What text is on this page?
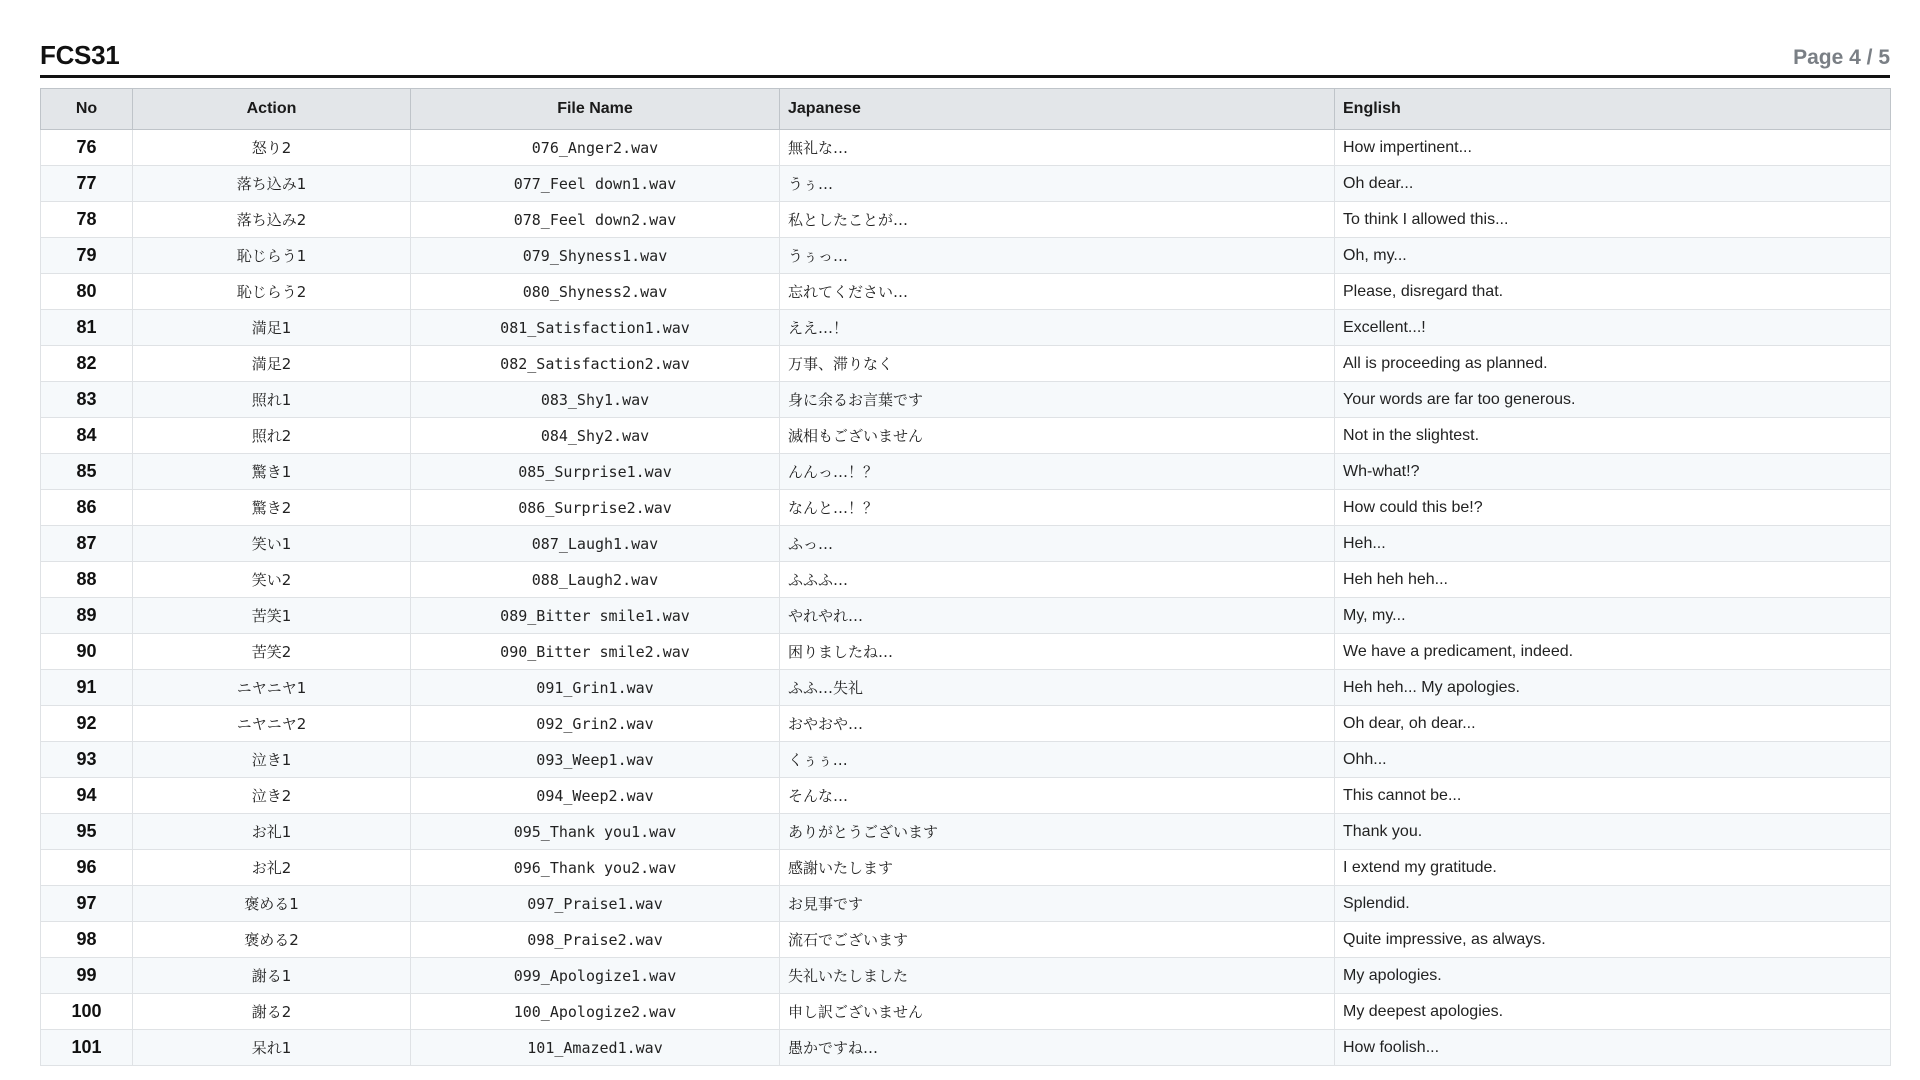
FCS31	Page 4 / 5
No	Action	File Name	Japanese	English
76	怒り2	076_Anger2.wav	無礼な…	How impertinent...
77	落ち込み1	077_Feel down1.wav	うぅ…	Oh dear...
78	落ち込み2	078_Feel down2.wav	私としたことが…	To think I allowed this...
79	恥じらう1	079_Shyness1.wav	うぅっ…	Oh, my...
80	恥じらう2	080_Shyness2.wav	忘れてください…	Please, disregard that.
81	満足1	081_Satisfaction1.wav	ええ…！	Excellent...!
82	満足2	082_Satisfaction2.wav	万事、滞りなく	All is proceeding as planned.
83	照れ1	083_Shy1.wav	身に余るお言葉です	Your words are far too generous.
84	照れ2	084_Shy2.wav	滅相もございません	Not in the slightest.
85	驚き1	085_Surprise1.wav	んんっ…！？	Wh-what!?
86	驚き2	086_Surprise2.wav	なんと…！？	How could this be!?
87	笑い1	087_Laugh1.wav	ふっ…	Heh...
88	笑い2	088_Laugh2.wav	ふふふ…	Heh heh heh...
89	苦笑1	089_Bitter smile1.wav	やれやれ…	My, my...
90	苦笑2	090_Bitter smile2.wav	困りましたね…	We have a predicament, indeed.
91	ニヤニヤ1	091_Grin1.wav	ふふ…失礼	Heh heh... My apologies.
92	ニヤニヤ2	092_Grin2.wav	おやおや…	Oh dear, oh dear...
93	泣き1	093_Weep1.wav	くぅぅ…	Ohh...
94	泣き2	094_Weep2.wav	そんな…	This cannot be...
95	お礼1	095_Thank you1.wav	ありがとうございます	Thank you.
96	お礼2	096_Thank you2.wav	感謝いたします	I extend my gratitude.
97	褒める1	097_Praise1.wav	お見事です	Splendid.
98	褒める2	098_Praise2.wav	流石でございます	Quite impressive, as always.
99	謝る1	099_Apologize1.wav	失礼いたしました	My apologies.
100	謝る2	100_Apologize2.wav	申し訳ございません	My deepest apologies.
101	呆れ1	101_Amazed1.wav	愚かですね…	How foolish...
